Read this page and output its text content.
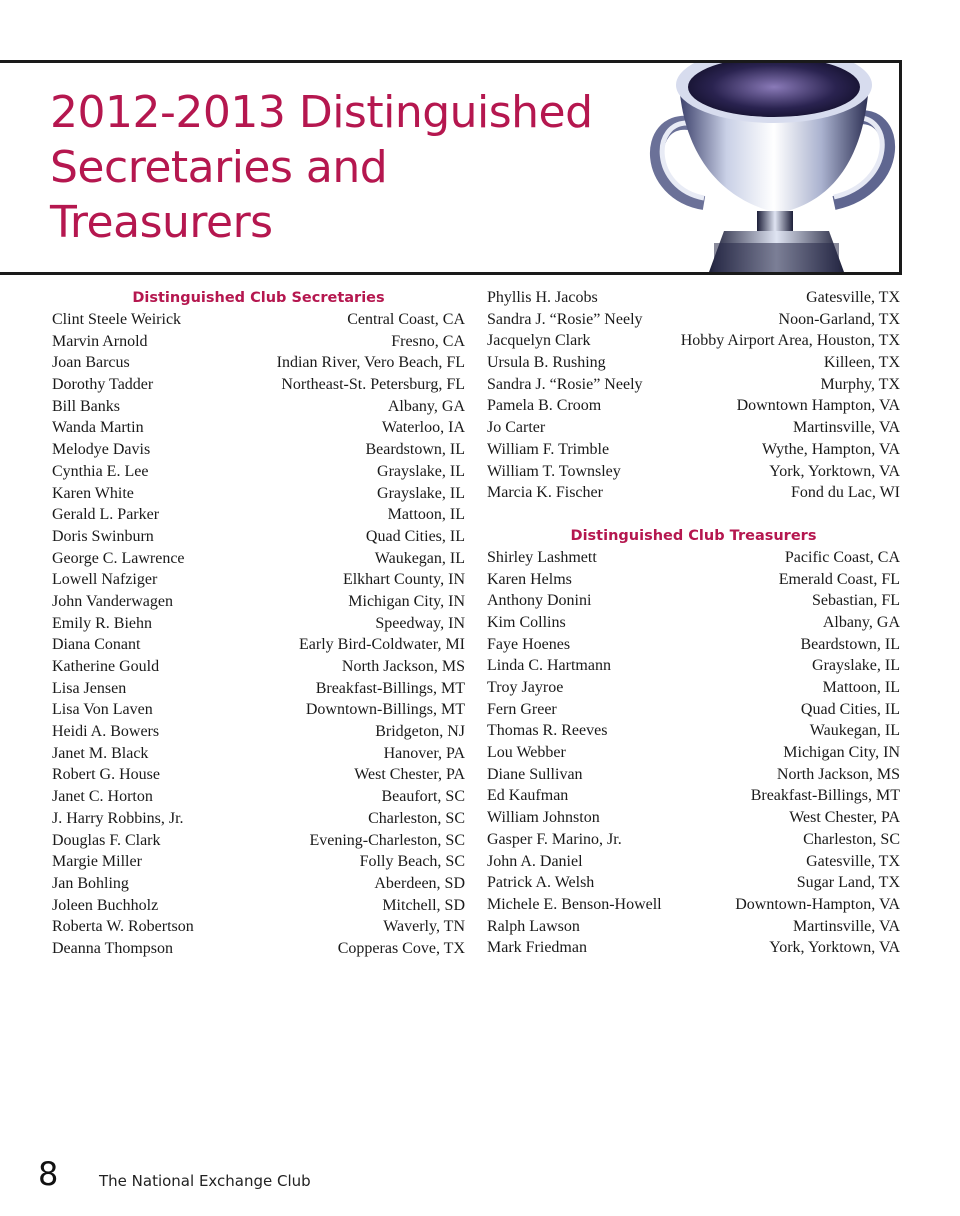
2012-2013 Distinguished
Secretaries and
Treasurers
Distinguished Club Secretaries
Clint Steele Weirick	Central Coast, CA
Marvin Arnold	Fresno, CA
Joan Barcus	Indian River, Vero Beach, FL
Dorothy Tadder	Northeast-St. Petersburg, FL
Bill Banks	Albany, GA
Wanda Martin	Waterloo, IA
Melodye Davis	Beardstown, IL
Cynthia E. Lee	Grayslake, IL
Karen White	Grayslake, IL
Gerald L. Parker	Mattoon, IL
Doris Swinburn	Quad Cities, IL
George C. Lawrence	Waukegan, IL
Lowell Nafziger	Elkhart County, IN
John Vanderwagen	Michigan City, IN
Emily R. Biehn	Speedway, IN
Diana Conant	Early Bird-Coldwater, MI
Katherine Gould	North Jackson, MS
Lisa Jensen	Breakfast-Billings, MT
Lisa Von Laven	Downtown-Billings, MT
Heidi A. Bowers	Bridgeton, NJ
Janet M. Black	Hanover, PA
Robert G. House	West Chester, PA
Janet C. Horton	Beaufort, SC
J. Harry Robbins, Jr.	Charleston, SC
Douglas F. Clark	Evening-Charleston, SC
Margie Miller	Folly Beach, SC
Jan Bohling	Aberdeen, SD
Joleen Buchholz	Mitchell, SD
Roberta W. Robertson	Waverly, TN
Deanna Thompson	Copperas Cove, TX
Phyllis H. Jacobs	Gatesville, TX
Sandra J. “Rosie” Neely	Noon-Garland, TX
Jacquelyn Clark	Hobby Airport Area, Houston, TX
Ursula B. Rushing	Killeen, TX
Sandra J. “Rosie” Neely	Murphy, TX
Pamela B. Croom	Downtown Hampton, VA
Jo Carter	Martinsville, VA
William F. Trimble	Wythe, Hampton, VA
William T. Townsley	York, Yorktown, VA
Marcia K. Fischer	Fond du Lac, WI
Distinguished Club Treasurers
Shirley Lashmett	Pacific Coast, CA
Karen Helms	Emerald Coast, FL
Anthony Donini	Sebastian, FL
Kim Collins	Albany, GA
Faye Hoenes	Beardstown, IL
Linda C. Hartmann	Grayslake, IL
Troy Jayroe	Mattoon, IL
Fern Greer	Quad Cities, IL
Thomas R. Reeves	Waukegan, IL
Lou Webber	Michigan City, IN
Diane Sullivan	North Jackson, MS
Ed Kaufman	Breakfast-Billings, MT
William Johnston	West Chester, PA
Gasper F. Marino, Jr.	Charleston, SC
John A. Daniel	Gatesville, TX
Patrick A. Welsh	Sugar Land, TX
Michele E. Benson-Howell	Downtown-Hampton, VA
Ralph Lawson	Martinsville, VA
Mark Friedman	York, Yorktown, VA
8	The National Exchange Club
